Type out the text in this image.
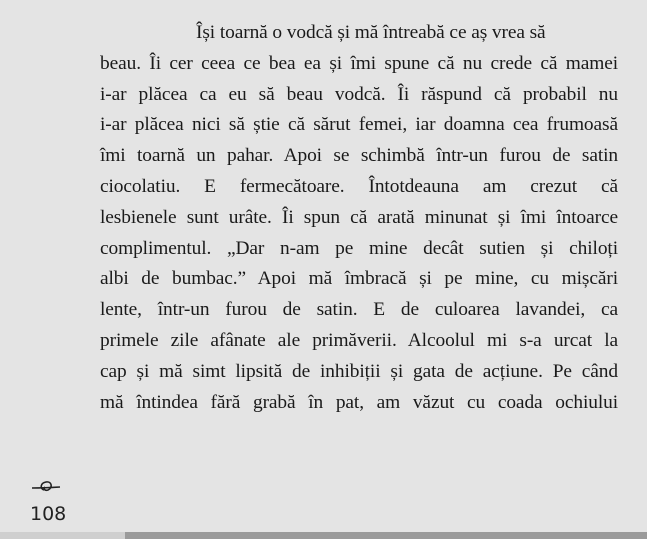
Își toarnă o vodcă și mă întreabă ce aș vrea să
beau. Îi cer ceea ce bea ea și îmi spune că nu crede că mamei
i-ar plăcea ca eu să beau vodcă. Îi răspund că probabil nu
i-ar plăcea nici să știe că sărut femei, iar doamna cea frumoasă
îmi toarnă un pahar. Apoi se schimbă într-un furou de satin
ciocolatiu. E fermecătoare. Întotdeauna am crezut că
lesbienele sunt urâte. Îi spun că arată minunat și îmi întoarce
complimentul. „Dar n-am pe mine decât sutien și chiloți
albi de bumbac.” Apoi mă îmbracă și pe mine, cu mișcări
lente, într-un furou de satin. E de culoarea lavandei, ca
primele zile afânate ale primăverii. Alcoolul mi s-a urcat la
cap și mă simt lipsită de inhibiții și gata de acțiune. Pe când
mă întindea fără grabă în pat, am văzut cu coada ochiului
108
